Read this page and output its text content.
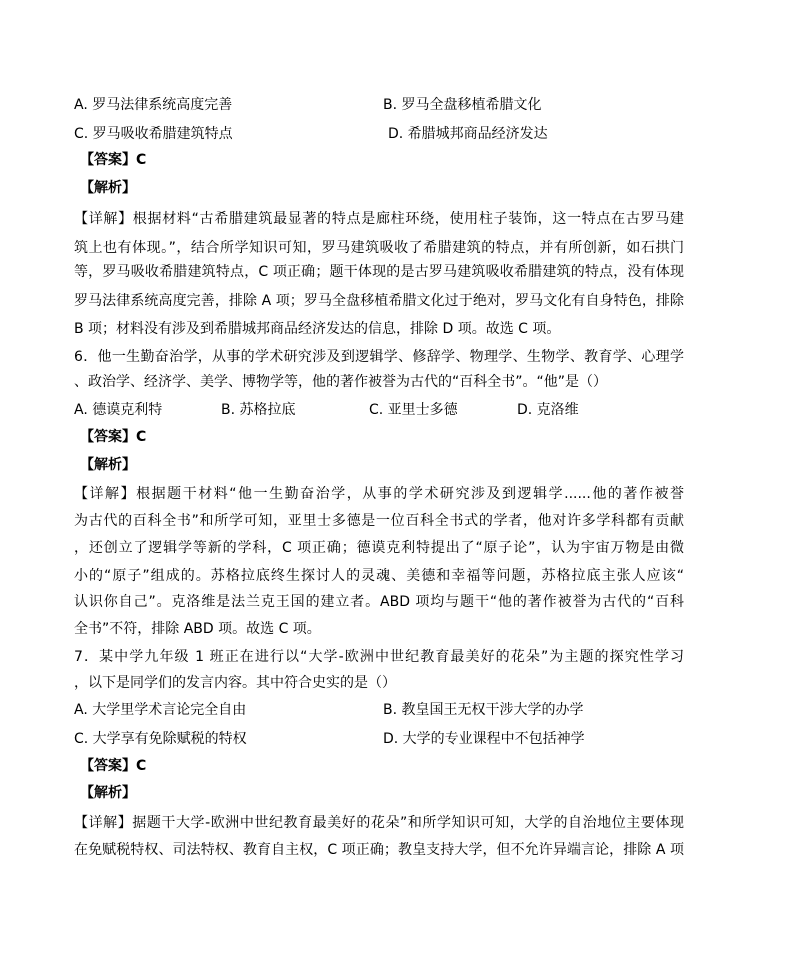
A. 罗马法律系统高度完善	B. 罗马全盘移植希腊文化
C. 罗马吸收希腊建筑特点	D. 希腊城邦商品经济发达
【答案】C
【解析】
【详解】根据材料“古希腊建筑最显著的特点是廊柱环绕，使用柱子装饰，这一特点在古罗马建
筑上也有体现。”，结合所学知识可知，罗马建筑吸收了希腊建筑的特点，并有所创新，如石拱门
等，罗马吸收希腊建筑特点，C 项正确；题干体现的是古罗马建筑吸收希腊建筑的特点，没有体现
罗马法律系统高度完善，排除 A 项；罗马全盘移植希腊文化过于绝对，罗马文化有自身特色，排除
B 项；材料没有涉及到希腊城邦商品经济发达的信息，排除 D 项。故选 C 项。
6．他一生勤奋治学，从事的学术研究涉及到逻辑学、修辞学、物理学、生物学、教育学、心理学
、政治学、经济学、美学、博物学等，他的著作被誉为古代的“百科全书”。“他”是（）
A. 德谟克利特	B. 苏格拉底	C. 亚里士多德	D. 克洛维
【答案】C
【解析】
【详解】根据题干材料“他一生勤奋治学，从事的学术研究涉及到逻辑学......他的著作被誉
为古代的百科全书”和所学可知，亚里士多德是一位百科全书式的学者，他对许多学科都有贡献
，还创立了逻辑学等新的学科，C 项正确；德谟克利特提出了“原子论”，认为宇宙万物是由微
小的“原子”组成的。苏格拉底终生探讨人的灵魂、美德和幸福等问题，苏格拉底主张人应该“
认识你自己”。克洛维是法兰克王国的建立者。ABD 项均与题干“他的著作被誉为古代的“百科
全书”不符，排除 ABD 项。故选 C 项。
7．某中学九年级 1 班正在进行以“大学-欧洲中世纪教育最美好的花朵”为主题的探究性学习
，以下是同学们的发言内容。其中符合史实的是（）
A. 大学里学术言论完全自由	B. 教皇国王无权干涉大学的办学
C. 大学享有免除赋税的特权	D. 大学的专业课程中不包括神学
【答案】C
【解析】
【详解】据题干大学-欧洲中世纪教育最美好的花朵”和所学知识可知，大学的自治地位主要体现
在免赋税特权、司法特权、教育自主权，C 项正确；教皇支持大学，但不允许异端言论，排除 A 项
